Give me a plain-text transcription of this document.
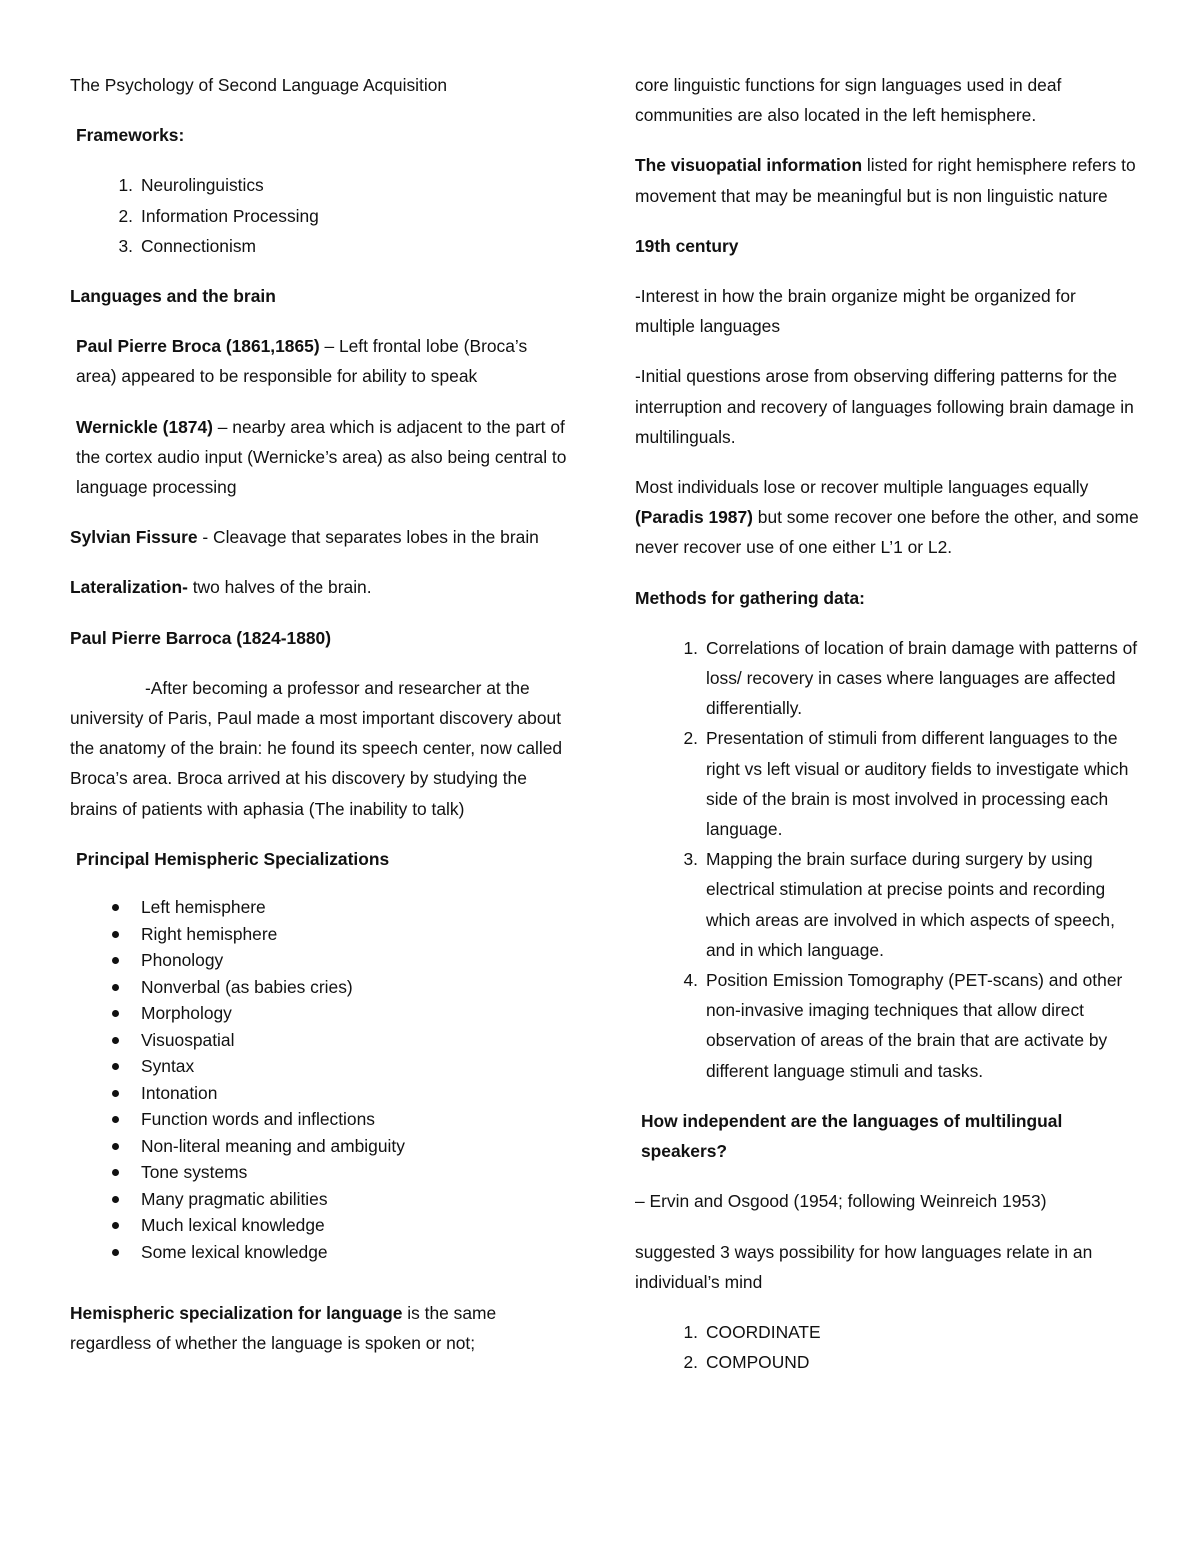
The Psychology of Second Language Acquisition

Frameworks:

1. Neurolinguistics
2. Information Processing
3. Connectionism

Languages and the brain

Paul Pierre Broca (1861,1865) – Left frontal lobe (Broca’s area) appeared to be responsible for ability to speak

Wernickle (1874) – nearby area which is adjacent to the part of the cortex audio input (Wernicke’s area) as also being central to language processing

Sylvian Fissure - Cleavage that separates lobes in the brain

Lateralization- two halves of the brain.

Paul Pierre Barroca (1824-1880)

-After becoming a professor and researcher at the university of Paris, Paul made a most important discovery about the anatomy of the brain: he found its speech center, now called Broca’s area. Broca arrived at his discovery by studying the brains of patients with aphasia (The inability to talk)

Principal Hemispheric Specializations

Left hemisphere
Right hemisphere
Phonology
Nonverbal (as babies cries)
Morphology
Visuospatial
Syntax
Intonation
Function words and inflections
Non-literal meaning and ambiguity
Tone systems
Many pragmatic abilities
Much lexical knowledge
Some lexical knowledge

Hemispheric specialization for language is the same regardless of whether the language is spoken or not;

core linguistic functions for sign languages used in deaf communities are also located in the left hemisphere.

The visuopatial information listed for right hemisphere refers to movement that may be meaningful but is non linguistic nature

19th century

-Interest in how the brain organize might be organized for multiple languages

-Initial questions arose from observing differing patterns for the interruption and recovery of languages following brain damage in multilinguals.

Most individuals lose or recover multiple languages equally (Paradis 1987) but some recover one before the other, and some never recover use of one either L’1 or L2.

Methods for gathering data:

1. Correlations of location of brain damage with patterns of loss/ recovery in cases where languages are affected differentially.
2. Presentation of stimuli from different languages to the right vs left visual or auditory fields to investigate which side of the brain is most involved in processing each language.
3. Mapping the brain surface during surgery by using electrical stimulation at precise points and recording which areas are involved in which aspects of speech, and in which language.
4. Position Emission Tomography (PET-scans) and other non-invasive imaging techniques that allow direct observation of areas of the brain that are activate by different language stimuli and tasks.

How independent are the languages of multilingual speakers?

– Ervin and Osgood (1954; following Weinreich 1953)

suggested 3 ways possibility for how languages relate in an individual’s mind

1. COORDINATE
2. COMPOUND
